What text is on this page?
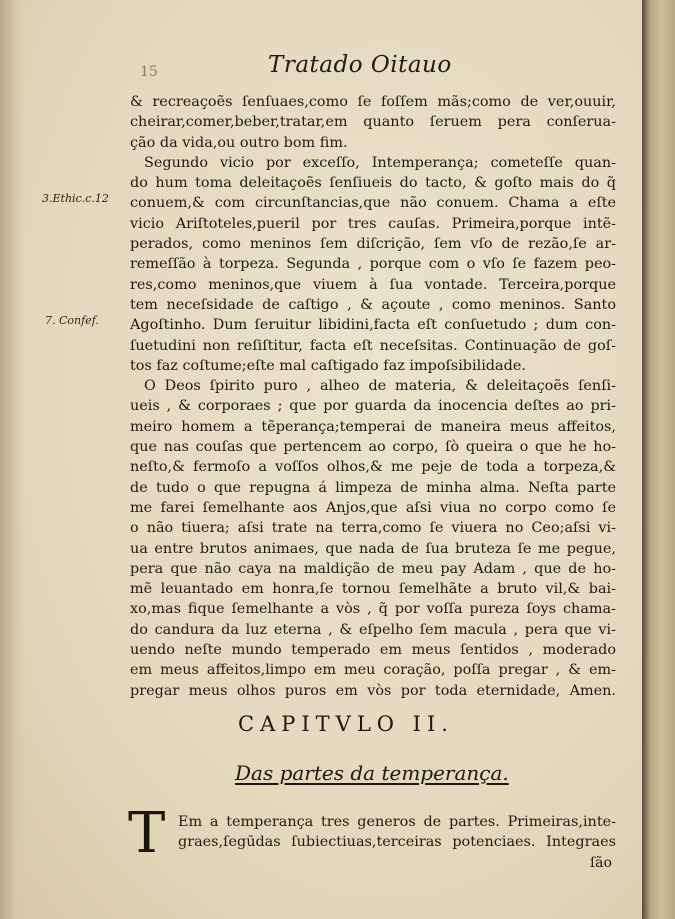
Tratado Oitauo
15
3.Ethic.c.12
7. Confef.
& recreaçoẽs ſenſuaes,como ſe foſſem mãs;como de ver,ouuir,
cheirar,comer,beber,tratar,em quanto ſeruem pera conſerua-
ção da vida,ou outro bom fim.
Segundo vicio por exceſſo, Intemperança; cometeſſe quan-
do hum toma deleitaçoẽs ſenſiueis do tacto, & goſto mais do q̃
conuem,& com circunſtancias,que não conuem. Chama a eſte
vicio Ariſtoteles,pueril por tres cauſas. Primeira,porque intẽ-
perados, como meninos ſem diſcrição, ſem vſo de rezão,ſe ar-
remeſſão à torpeza. Segunda , porque com o vſo ſe fazem peo-
res,como meninos,que viuem à ſua vontade. Terceira,porque
tem neceſsidade de caſtigo , & açoute , como meninos. Santo
Agoſtinho. Dum ſeruitur libidini,facta eſt conſuetudo ; dum con-
ſuetudini non reſiſtitur, facta eſt neceſsitas. Continuação de goſ-
tos faz coſtume;eſte mal caſtigado faz impoſsibilidade.
O Deos ſpirito puro , alheo de materia, & deleitaçoẽs ſenſi-
ueis , & corporaes ; que por guarda da inocencia deſtes ao pri-
meiro homem a tẽperança;temperai de maneira meus affeitos,
que nas couſas que pertencem ao corpo, ſò queira o que he ho-
neſto,& fermoſo a voſſos olhos,& me peje de toda a torpeza,&
de tudo o que repugna á limpeza de minha alma. Neſta parte
me farei ſemelhante aos Anjos,que aſsi viua no corpo como ſe
o não tiuera; aſsi trate na terra,como ſe viuera no Ceo;aſsi vi-
ua entre brutos animaes, que nada de ſua bruteza ſe me pegue,
pera que não caya na maldição de meu pay Adam , que de ho-
mẽ leuantado em honra,ſe tornou ſemelhãte a bruto vil,& bai-
xo,mas fique ſemelhante a vòs , q̃ por voſſa pureza ſoys chama-
do candura da luz eterna , & eſpelho ſem macula , pera que vi-
uendo neſte mundo temperado em meus ſentidos , moderado
em meus affeitos,limpo em meu coração, poſſa pregar , & em-
pregar meus olhos puros em vòs por toda eternidade, Amen.
CAPITVLO II.
Das partes da temperança.
T Em a temperança tres generos de partes. Primeiras,inte-
graes,ſegūdas ſubiectiuas,terceiras potenciaes. Integraes
ſão
